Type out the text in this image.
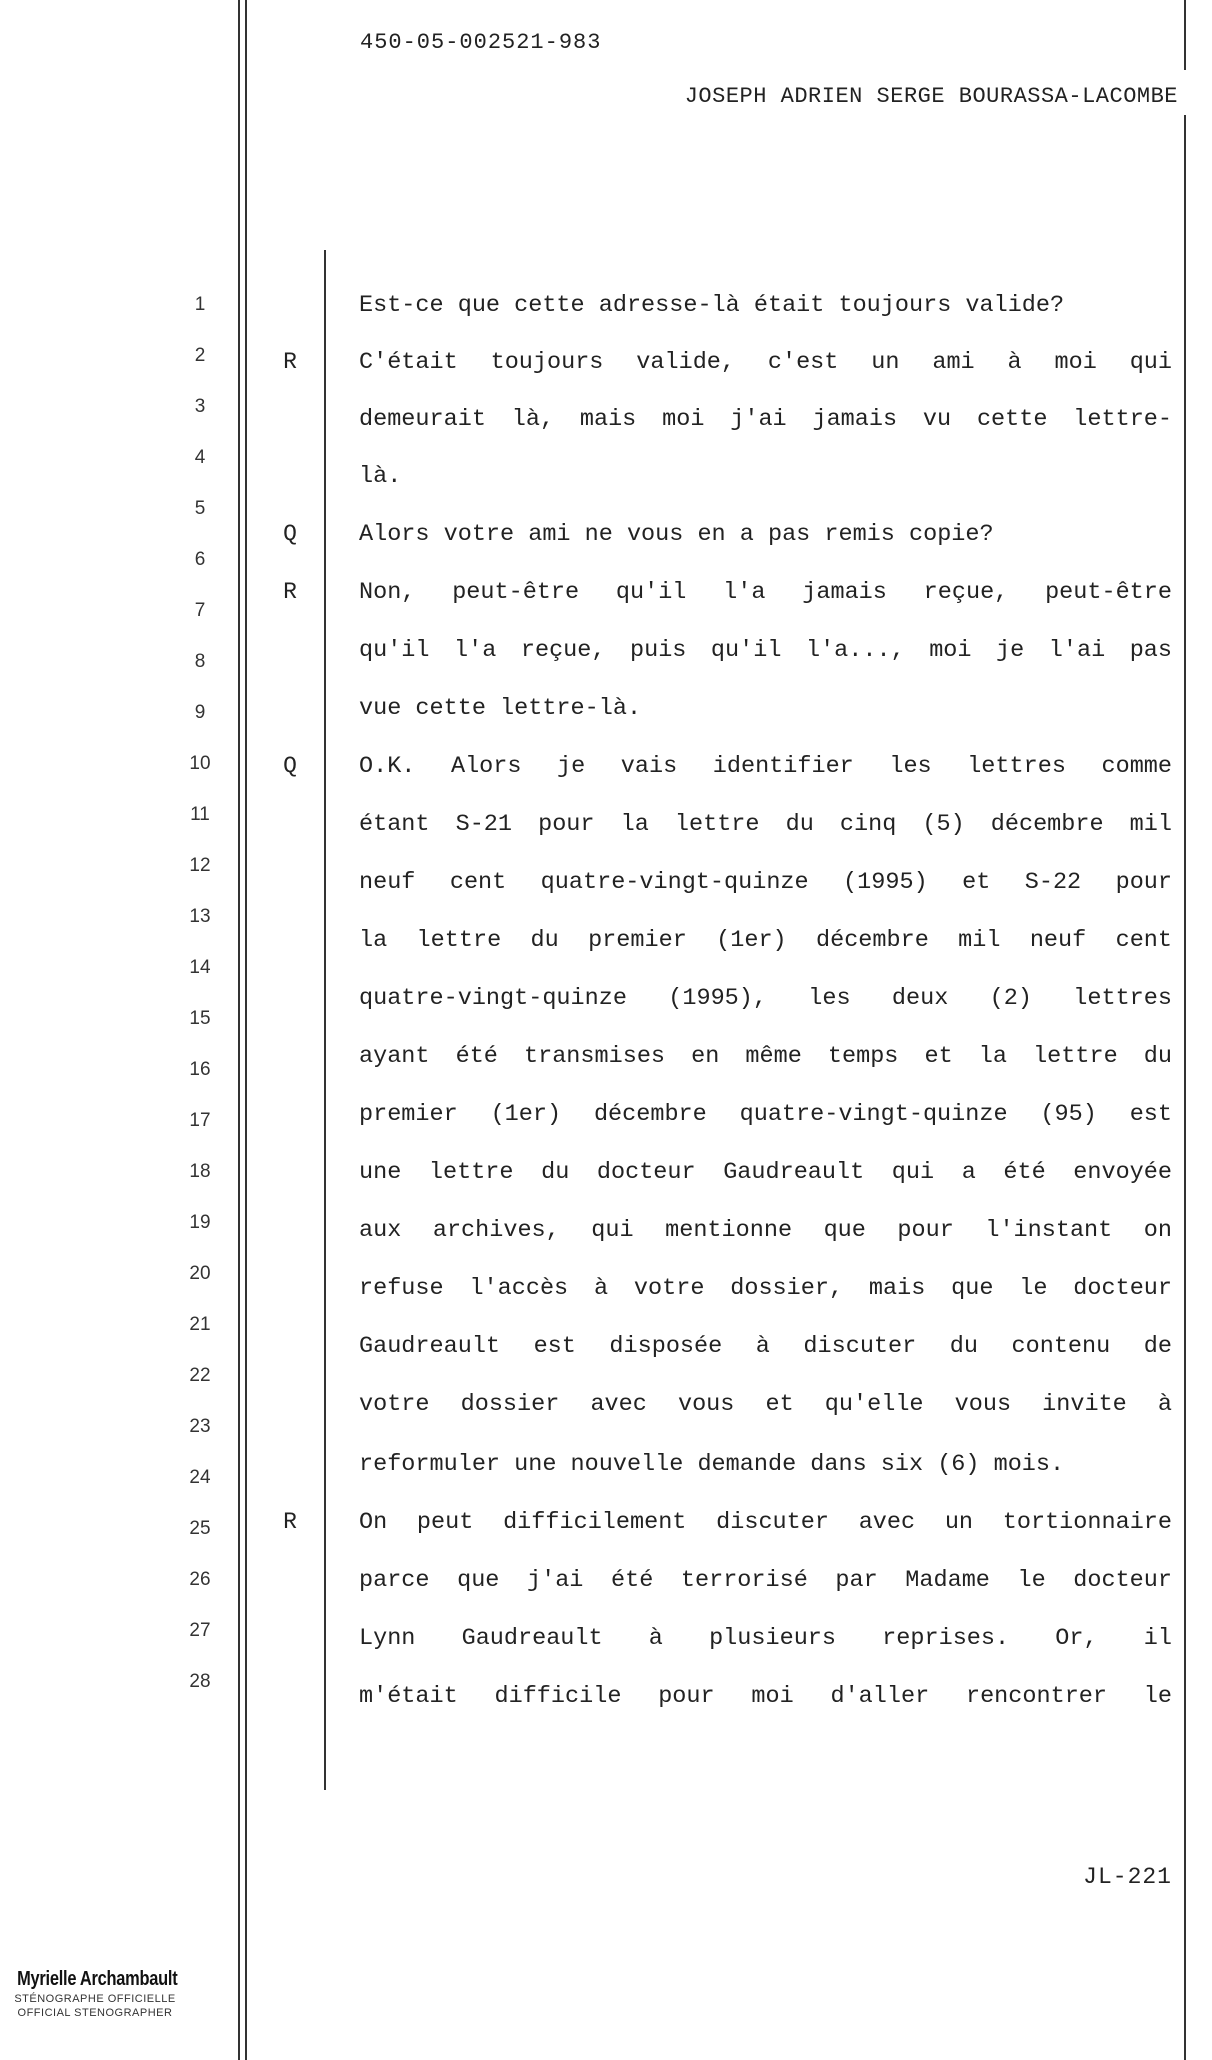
450-05-002521-983
JOSEPH ADRIEN SERGE BOURASSA-LACOMBE
1
2
3
4
5
6
7
8
9
10
11
12
13
14
15
16
17
18
19
20
21
22
23
24
25
26
27
28
R
Q
R
Q
R
Est-ce que cette adresse-là était toujours valide?
C'était toujours valide, c'est un ami à moi qui
demeurait là, mais moi j'ai jamais vu cette lettre-
là.
Alors votre ami ne vous en a pas remis copie?
Non, peut-être qu'il l'a jamais reçue, peut-être
qu'il l'a reçue, puis qu'il l'a..., moi je l'ai pas
vue cette lettre-là.
O.K. Alors je vais identifier les lettres comme
étant S-21 pour la lettre du cinq (5) décembre mil
neuf cent quatre-vingt-quinze (1995) et S-22 pour
la lettre du premier (1er) décembre mil neuf cent
quatre-vingt-quinze (1995), les deux (2) lettres
ayant été transmises en même temps et la lettre du
premier (1er) décembre quatre-vingt-quinze (95) est
une lettre du docteur Gaudreault qui a été envoyée
aux archives, qui mentionne que pour l'instant on
refuse l'accès à votre dossier, mais que le docteur
Gaudreault est disposée à discuter du contenu de
votre dossier avec vous et qu'elle vous invite à
reformuler une nouvelle demande dans six (6) mois.
On peut difficilement discuter avec un tortionnaire
parce que j'ai été terrorisé par Madame le docteur
Lynn Gaudreault à plusieurs reprises. Or, il
m'était difficile pour moi d'aller rencontrer le
JL-221
Myrielle Archambault
STÉNOGRAPHE OFFICIELLE
OFFICIAL STENOGRAPHER
